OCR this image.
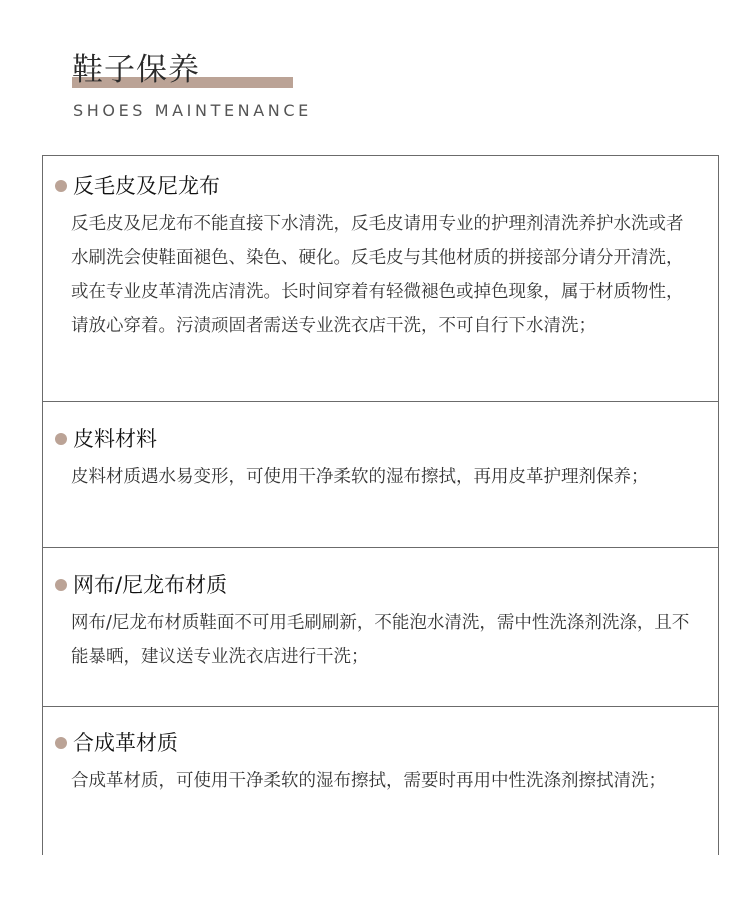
鞋子保养
SHOES MAINTENANCE
反毛皮及尼龙布
反毛皮及尼龙布不能直接下水清洗，反毛皮请用专业的护理剂清洗养护水洗或者水刷洗会使鞋面褪色、染色、硬化。反毛皮与其他材质的拼接部分请分开清洗，或在专业皮革清洗店清洗。长时间穿着有轻微褪色或掉色现象，属于材质物性，请放心穿着。污渍顽固者需送专业洗衣店干洗，不可自行下水清洗；
皮料材料
皮料材质遇水易变形，可使用干净柔软的湿布擦拭，再用皮革护理剂保养；
网布/尼龙布材质
网布/尼龙布材质鞋面不可用毛刷刷新，不能泡水清洗，需中性洗涤剂洗涤，且不能暴晒，建议送专业洗衣店进行干洗；
合成革材质
合成革材质，可使用干净柔软的湿布擦拭，需要时再用中性洗涤剂擦拭清洗；
